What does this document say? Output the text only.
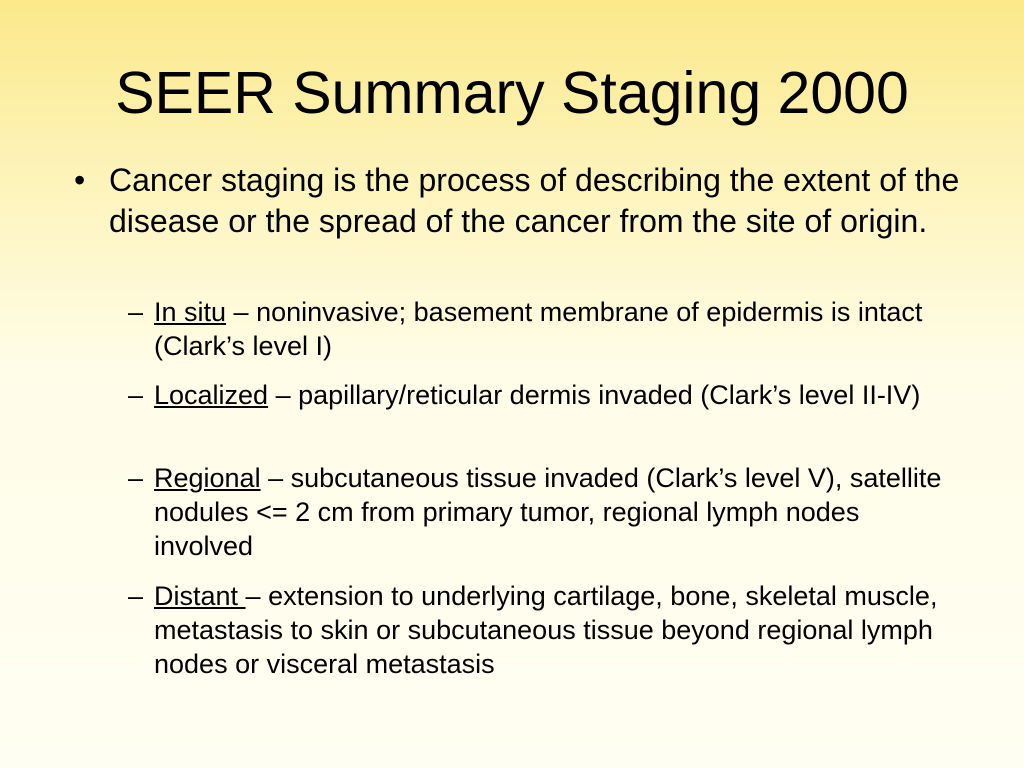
SEER Summary Staging 2000
• Cancer staging is the process of describing the extent of the disease or the spread of the cancer from the site of origin.
– In situ – noninvasive; basement membrane of epidermis is intact (Clark’s level I)
– Localized – papillary/reticular dermis invaded (Clark’s level II-IV)
– Regional – subcutaneous tissue invaded (Clark’s level V), satellite nodules <= 2 cm from primary tumor, regional lymph nodes involved
– Distant – extension to underlying cartilage, bone, skeletal muscle, metastasis to skin or subcutaneous tissue beyond regional lymph nodes or visceral metastasis
